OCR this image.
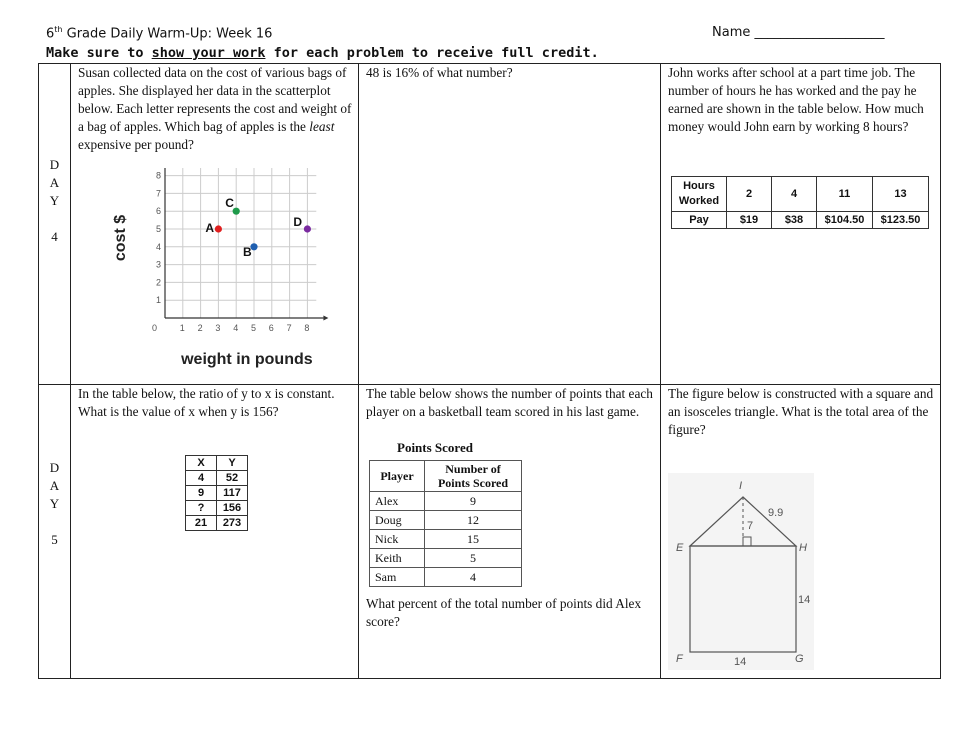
6th Grade Daily Warm-Up: Week 16	Name ____________________
Make sure to show your work for each problem to receive full credit.
D
A
Y
4

Susan collected data on the cost of various bags of apples. She displayed her data in the scatterplot below. Each letter represents the cost and weight of a bag of apples. Which bag of apples is the least expensive per pound?
0	1 2 3 4 5 6 7 8
1
2
3
4
5
6
7
8
A
B
C
D
cost $
weight in pounds

48 is 16% of what number?	John works after school at a part time job. The number of hours he has worked and the pay he earned are shown in the table below. How much money would John earn by working 8 hours?
Hours
Worked
	2	4	11	13
Pay	$19	$38	$104.50	$123.50

D
A
Y
5

In the table below, the ratio of y to x is constant. What is the value of x when y is 156?
X	Y
4	52
9	117
?	156
21	273

The table below shows the number of points that each player on a basketball team scored in his last game.
Points Scored
Player	Number of
Points Scored

Alex	9
Doug	12
Nick	15
Keith	5
Sam	4
What percent of the total number of points did Alex score?

The figure below is constructed with a square and an isosceles triangle. What is the total area of the figure?
I
E	H
F	G
9.9
7
14
14
